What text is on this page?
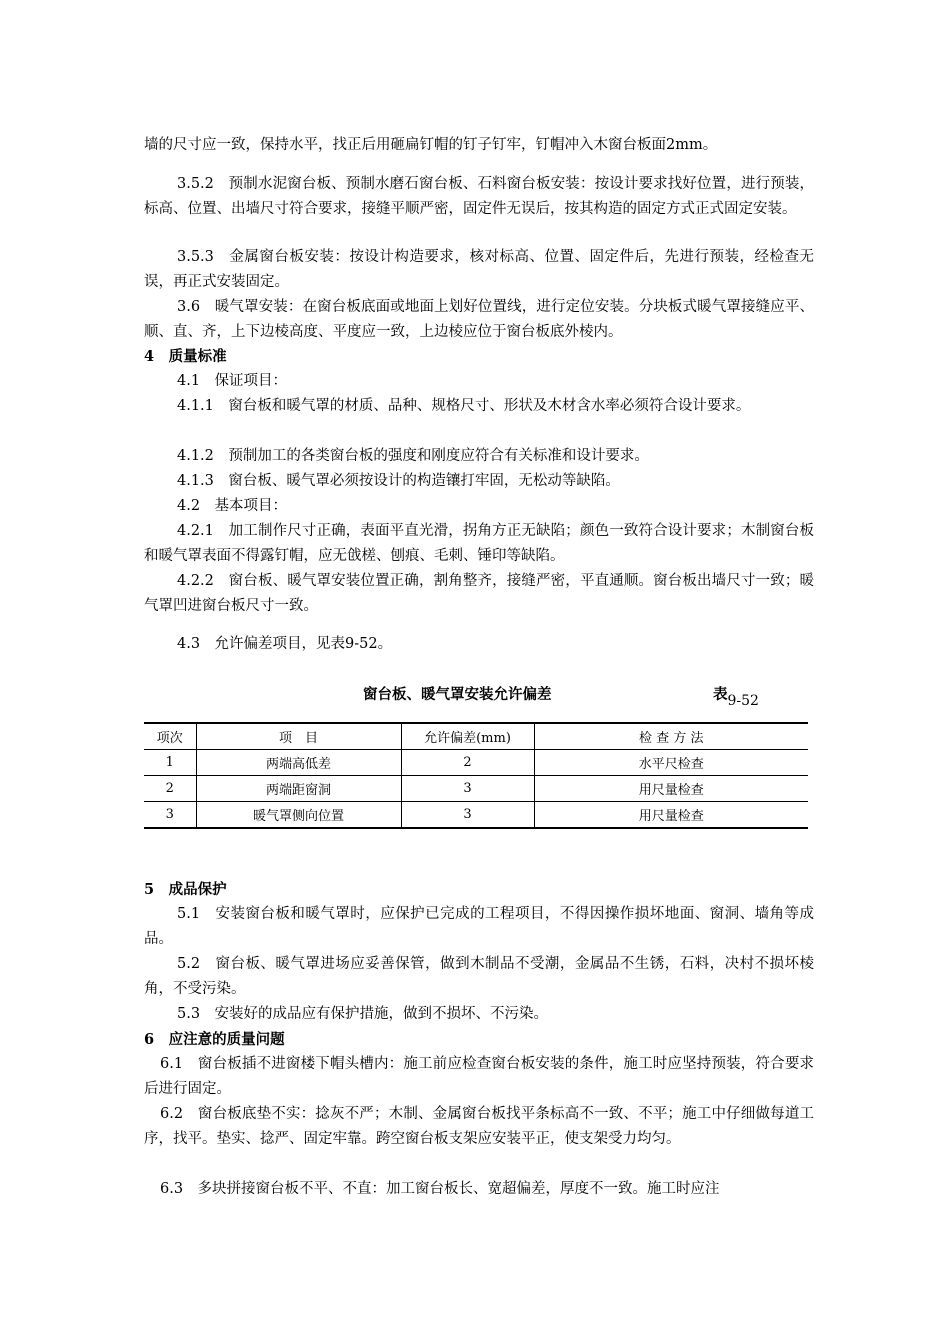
墙的尺寸应一致，保持水平，找正后用砸扁钉帽的钉子钉牢，钉帽冲入木窗台板面2mm。
3.5.2　预制水泥窗台板、预制水磨石窗台板、石料窗台板安装：按设计要求找好位置，进行预装，标高、位置、出墙尺寸符合要求，接缝平顺严密，固定件无误后，按其构造的固定方式正式固定安装。
3.5.3　金属窗台板安装：按设计构造要求，核对标高、位置、固定件后，先进行预装，经检查无误，再正式安装固定。
3.6　暖气罩安装：在窗台板底面或地面上划好位置线，进行定位安装。分块板式暖气罩接缝应平、顺、直、齐，上下边棱高度、平度应一致，上边棱应位于窗台板底外棱内。
4　质量标准
4.1　保证项目：
4.1.1　窗台板和暖气罩的材质、品种、规格尺寸、形状及木材含水率必须符合设计要求。
4.1.2　预制加工的各类窗台板的强度和刚度应符合有关标准和设计要求。
4.1.3　窗台板、暖气罩必须按设计的构造镶打牢固，无松动等缺陷。
4.2　基本项目：
4.2.1　加工制作尺寸正确，表面平直光滑，拐角方正无缺陷；颜色一致符合设计要求；木制窗台板和暖气罩表面不得露钉帽，应无戗槎、刨痕、毛刺、锤印等缺陷。
4.2.2　窗台板、暖气罩安装位置正确，割角整齐，接缝严密，平直通顺。窗台板出墙尺寸一致；暖气罩凹进窗台板尺寸一致。
4.3　允许偏差项目，见表9-52。
窗台板、暖气罩安装允许偏差	表9-52
项次	项　目	允许偏差(mm)	检 查 方 法
1	两端高低差	2	水平尺检查
2	两端距窗洞	3	用尺量检查
3	暖气罩侧向位置	3	用尺量检查
5　成品保护
5.1　安装窗台板和暖气罩时，应保护已完成的工程项目，不得因操作损坏地面、窗洞、墙角等成品。
5.2　窗台板、暖气罩进场应妥善保管，做到木制品不受潮，金属品不生锈，石料，决村不损坏棱角，不受污染。
5.3　安装好的成品应有保护措施，做到不损坏、不污染。
6　应注意的质量问题
6.1　窗台板插不进窗楼下帽头槽内：施工前应检查窗台板安装的条件，施工时应坚持预装，符合要求后进行固定。
6.2　窗台板底垫不实：捻灰不严；木制、金属窗台板找平条标高不一致、不平；施工中仔细做每道工序，找平。垫实、捻严、固定牢靠。跨空窗台板支架应安装平正，使支架受力均匀。
6.3　多块拼接窗台板不平、不直：加工窗台板长、宽超偏差，厚度不一致。施工时应注
